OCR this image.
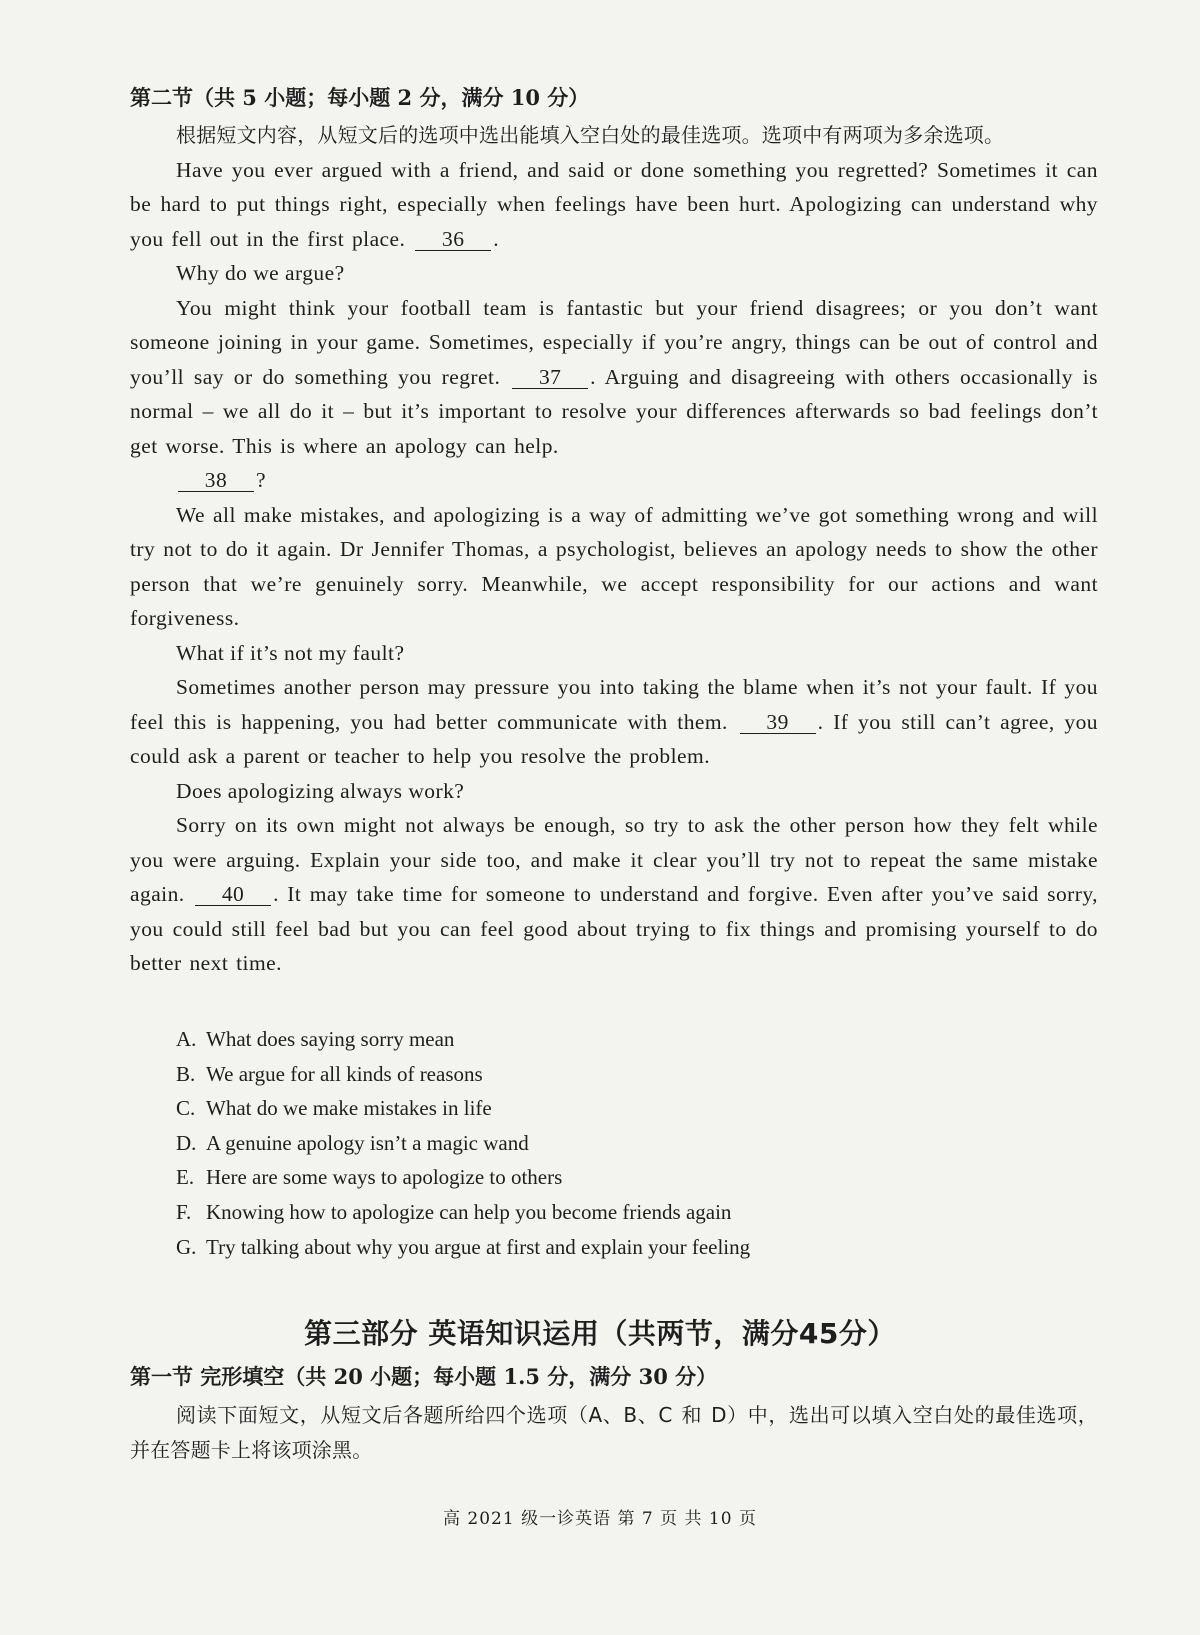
第二节（共 5 小题；每小题 2 分，满分 10 分）

根据短文内容，从短文后的选项中选出能填入空白处的最佳选项。选项中有两项为多余选项。

Have you ever argued with a friend, and said or done something you regretted? Sometimes it can be hard to put things right, especially when feelings have been hurt. Apologizing can understand why you fell out in the first place. 36 .

Why do we argue?

You might think your football team is fantastic but your friend disagrees; or you don’t want someone joining in your game. Sometimes, especially if you’re angry, things can be out of control and you’ll say or do something you regret. 37 . Arguing and disagreeing with others occasionally is normal – we all do it – but it’s important to resolve your differences afterwards so bad feelings don’t get worse. This is where an apology can help.

38 ?

We all make mistakes, and apologizing is a way of admitting we’ve got something wrong and will try not to do it again. Dr Jennifer Thomas, a psychologist, believes an apology needs to show the other person that we’re genuinely sorry. Meanwhile, we accept responsibility for our actions and want forgiveness.

What if it’s not my fault?

Sometimes another person may pressure you into taking the blame when it’s not your fault. If you feel this is happening, you had better communicate with them. 39 . If you still can’t agree, you could ask a parent or teacher to help you resolve the problem.

Does apologizing always work?

Sorry on its own might not always be enough, so try to ask the other person how they felt while you were arguing. Explain your side too, and make it clear you’ll try not to repeat the same mistake again. 40 . It may take time for someone to understand and forgive. Even after you’ve said sorry, you could still feel bad but you can feel good about trying to fix things and promising yourself to do better next time.

A. What does saying sorry mean
B. We argue for all kinds of reasons
C. What do we make mistakes in life
D. A genuine apology isn’t a magic wand
E. Here are some ways to apologize to others
F. Knowing how to apologize can help you become friends again
G. Try talking about why you argue at first and explain your feeling
第三部分 英语知识运用（共两节，满分45分）
第一节 完形填空（共 20 小题；每小题 1.5 分，满分 30 分）

阅读下面短文，从短文后各题所给四个选项（A、B、C 和 D）中，选出可以填入空白处的最佳选项，并在答题卡上将该项涂黑。

高 2021 级一诊英语 第 7 页 共 10 页
